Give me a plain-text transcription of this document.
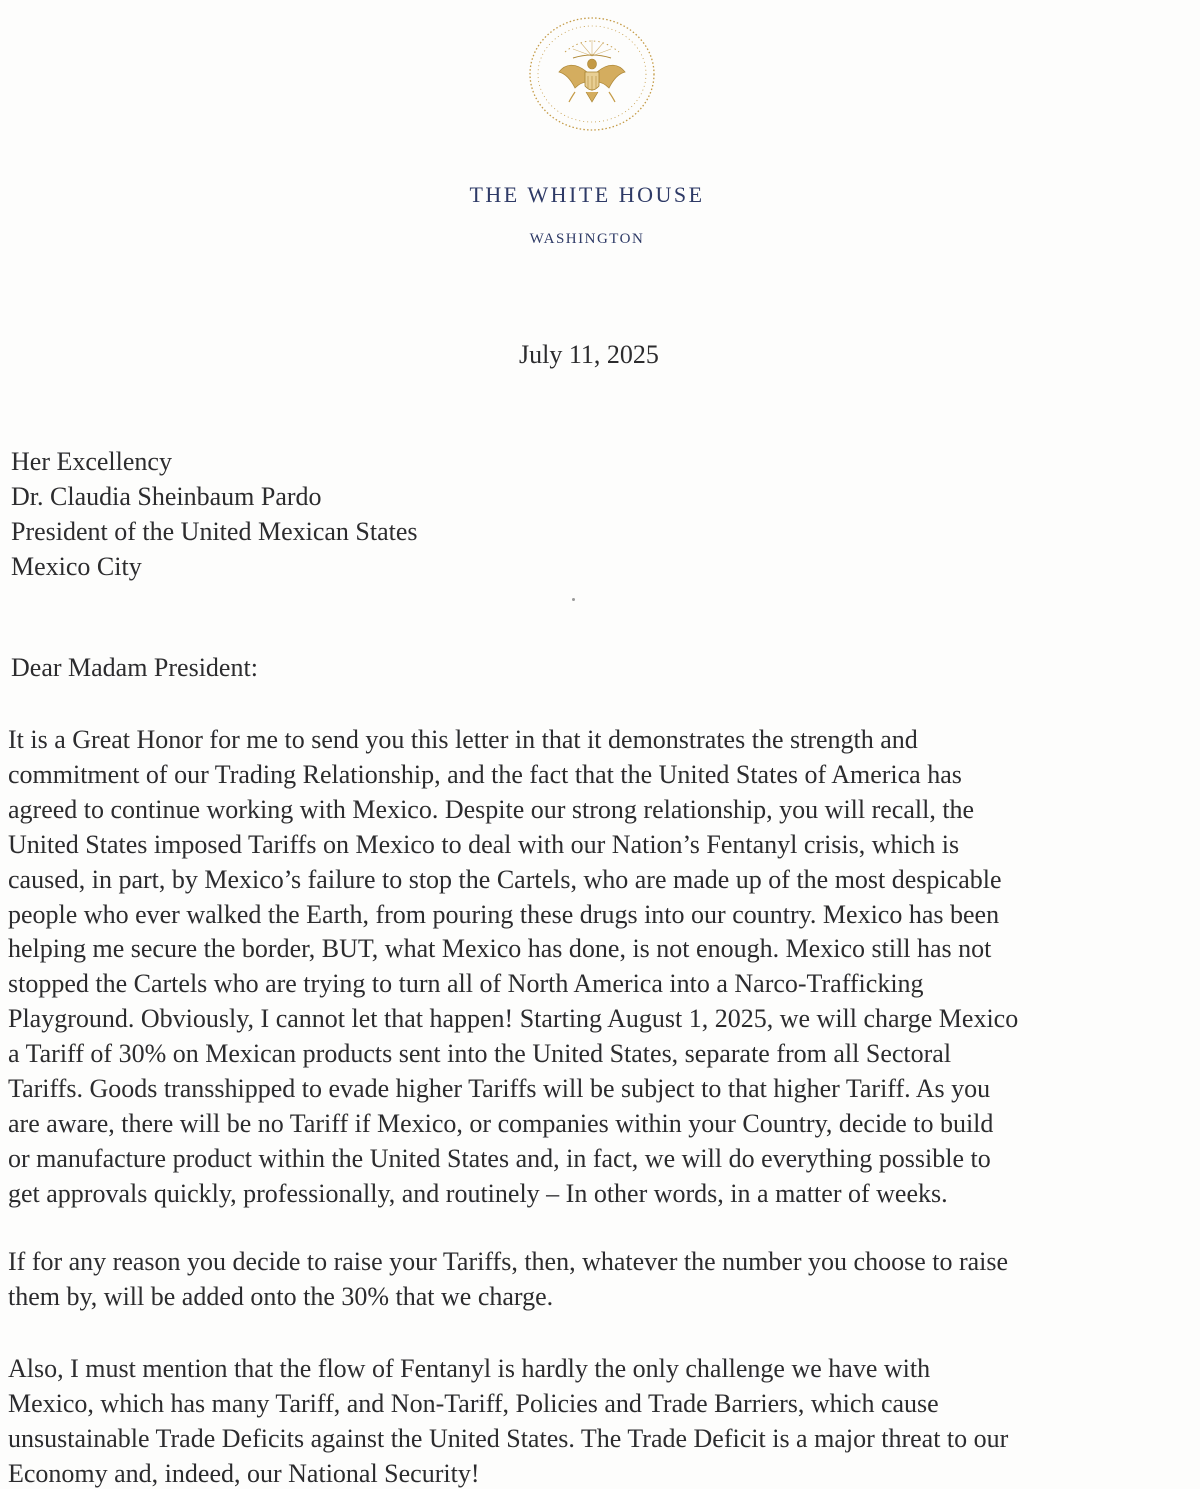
THE WHITE HOUSE
WASHINGTON
July 11, 2025
Her Excellency
Dr. Claudia Sheinbaum Pardo
President of the United Mexican States
Mexico City
Dear Madam President:
It is a Great Honor for me to send you this letter in that it demonstrates the strength and
commitment of our Trading Relationship, and the fact that the United States of America has
agreed to continue working with Mexico. Despite our strong relationship, you will recall, the
United States imposed Tariffs on Mexico to deal with our Nation’s Fentanyl crisis, which is
caused, in part, by Mexico’s failure to stop the Cartels, who are made up of the most despicable
people who ever walked the Earth, from pouring these drugs into our country. Mexico has been
helping me secure the border, BUT, what Mexico has done, is not enough. Mexico still has not
stopped the Cartels who are trying to turn all of North America into a Narco-Trafficking
Playground. Obviously, I cannot let that happen! Starting August 1, 2025, we will charge Mexico
a Tariff of 30% on Mexican products sent into the United States, separate from all Sectoral
Tariffs. Goods transshipped to evade higher Tariffs will be subject to that higher Tariff. As you
are aware, there will be no Tariff if Mexico, or companies within your Country, decide to build
or manufacture product within the United States and, in fact, we will do everything possible to
get approvals quickly, professionally, and routinely – In other words, in a matter of weeks.
If for any reason you decide to raise your Tariffs, then, whatever the number you choose to raise
them by, will be added onto the 30% that we charge.
Also, I must mention that the flow of Fentanyl is hardly the only challenge we have with
Mexico, which has many Tariff, and Non-Tariff, Policies and Trade Barriers, which cause
unsustainable Trade Deficits against the United States. The Trade Deficit is a major threat to our
Economy and, indeed, our National Security!
